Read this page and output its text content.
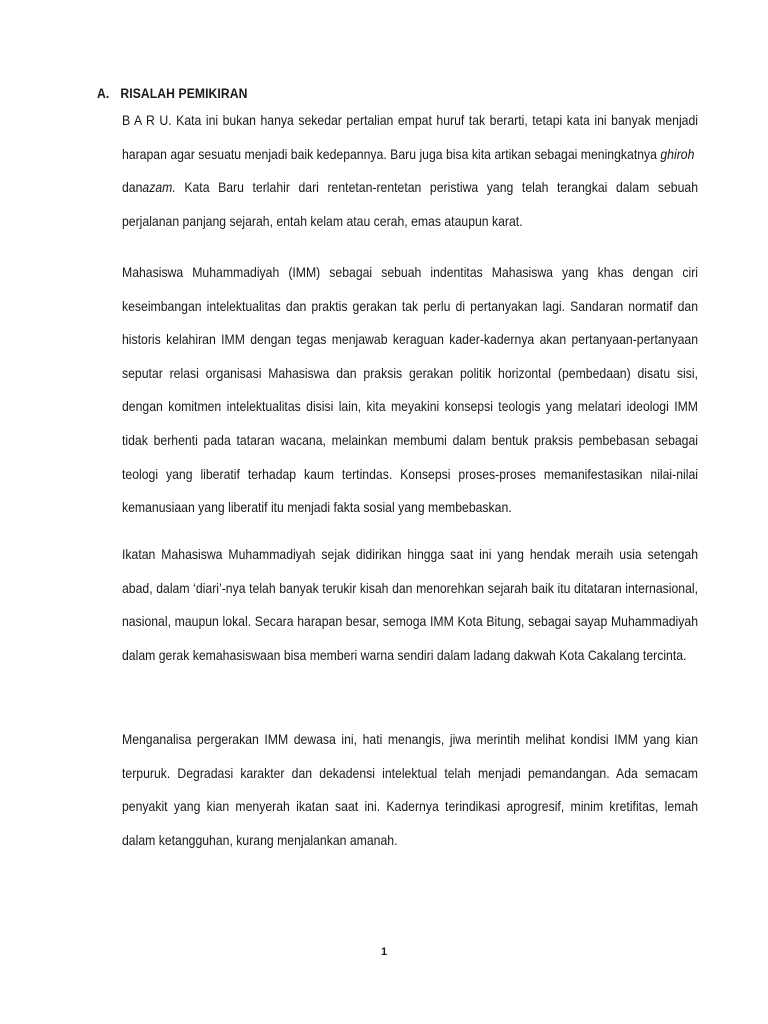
A. RISALAH PEMIKIRAN

B A R U. Kata ini bukan hanya sekedar pertalian empat huruf tak berarti, tetapi kata ini banyak menjadi harapan agar sesuatu menjadi baik kedepannya. Baru juga bisa kita artikan sebagai meningkatnya ghirohdanazam. Kata Baru terlahir dari rentetan-rentetan peristiwa yang telah terangkai dalam sebuah perjalanan panjang sejarah, entah kelam atau cerah, emas ataupun karat.

Mahasiswa Muhammadiyah (IMM) sebagai sebuah indentitas Mahasiswa yang khas dengan ciri keseimbangan intelektualitas dan praktis gerakan tak perlu di pertanyakan lagi. Sandaran normatif dan historis kelahiran IMM dengan tegas menjawab keraguan kader-kadernya akan pertanyaan-pertanyaan seputar relasi organisasi Mahasiswa dan praksis gerakan politik horizontal (pembedaan) disatu sisi, dengan komitmen intelektualitas disisi lain, kita meyakini konsepsi teologis yang melatari ideologi IMM tidak berhenti pada tataran wacana, melainkan membumi dalam bentuk praksis pembebasan sebagai teologi yang liberatif terhadap kaum tertindas. Konsepsi proses-proses memanifestasikan nilai-nilai kemanusiaan yang liberatif itu menjadi fakta sosial yang membebaskan.

Ikatan Mahasiswa Muhammadiyah sejak didirikan hingga saat ini yang hendak meraih usia setengah abad, dalam ‘diari’-nya telah banyak terukir kisah dan menorehkan sejarah baik itu ditataran internasional, nasional, maupun lokal. Secara harapan besar, semoga IMM Kota Bitung, sebagai sayap Muhammadiyah dalam gerak kemahasiswaan bisa memberi warna sendiri dalam ladang dakwah Kota Cakalang tercinta.

Menganalisa pergerakan IMM dewasa ini, hati menangis, jiwa merintih melihat kondisi IMM yang kian terpuruk. Degradasi karakter dan dekadensi intelektual telah menjadi pemandangan. Ada semacam penyakit yang kian menyerah ikatan saat ini. Kadernya terindikasi aprogresif, minim kretifitas, lemah dalam ketangguhan, kurang menjalankan amanah.

1
